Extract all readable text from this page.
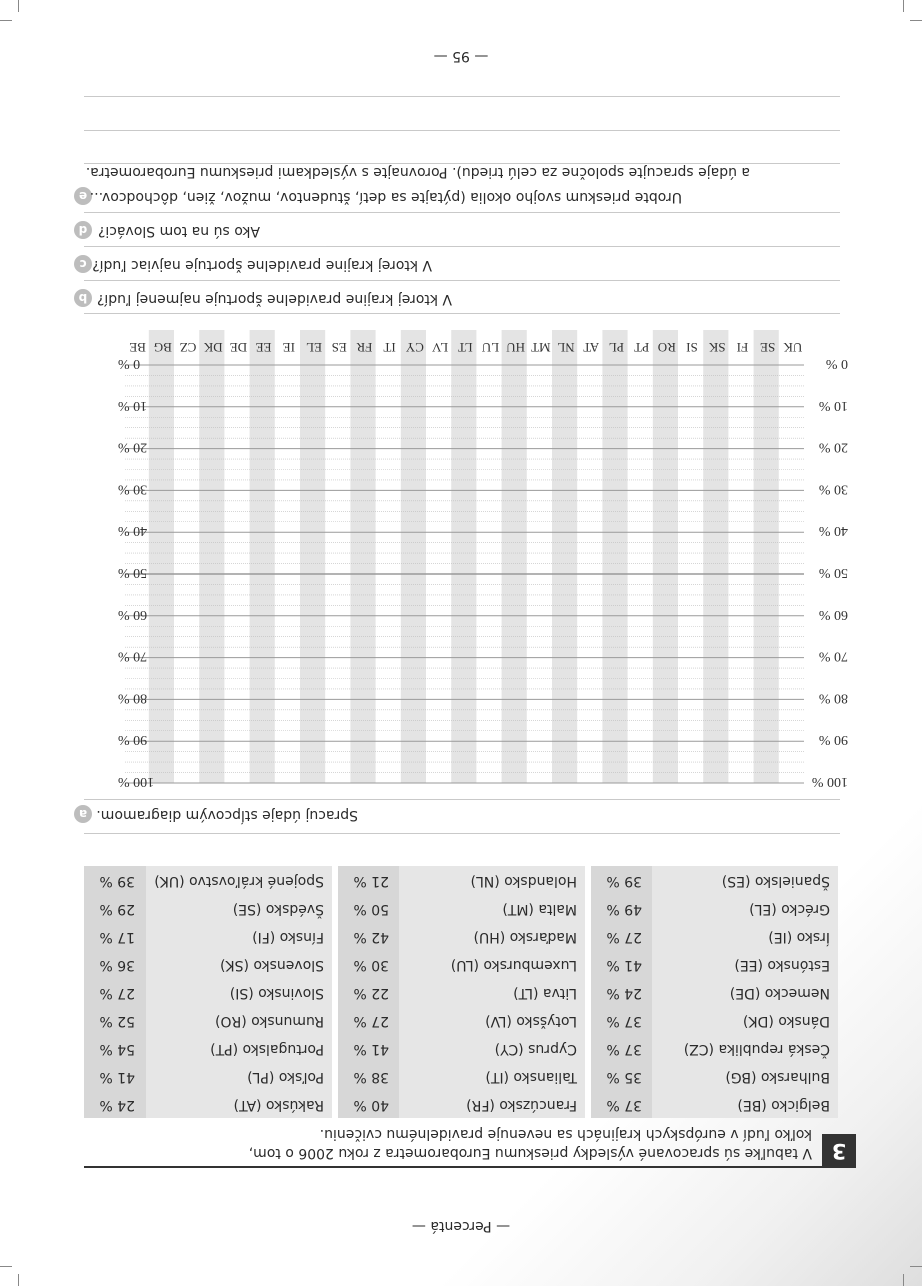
— 95 —
— Percentá —
3
V tabuľke sú spracované výsledky prieskumu Eurobarometra z roku 2006 o tom,
koľko ľudí v európskych krajinách sa nevenuje pravidelnému cvičeniu.
Belgicko (BE)
37 %
Bulharsko (BG)
35 %
Česká republika (CZ)
37 %
Dánsko (DK)
37 %
Nemecko (DE)
24 %
Estónsko (EE)
41 %
Írsko (IE)
27 %
Grécko (EL)
49 %
Španielsko (ES)
39 %
Francúzsko (FR)
40 %
Taliansko (IT)
38 %
Cyprus (CY)
41 %
Lotyšsko (LV)
27 %
Litva (LT)
22 %
Luxembursko (LU)
30 %
Maďarsko (HU)
42 %
Malta (MT)
50 %
Holandsko (NL)
21 %
Rakúsko (AT)
24 %
Poľsko (PL)
41 %
Portugalsko (PT)
54 %
Rumunsko (RO)
52 %
Slovinsko (SI)
27 %
Slovensko (SK)
36 %
Fínsko (FI)
17 %
Švédsko (SE)
29 %
Spojené kráľovstvo (UK)
39 %
a Spracuj údaje stĺpcovým diagramom.
0 %
0 %
10 %
10 %
20 %
20 %
30 %
30 %
40 %
40 %
50 %
50 %
60 %
60 %
70 %
70 %
80 %
80 %
90 %
90 %
100 %
100 %
BE BG CZ DK DE EE IE EL ES FR IT CY LV LT LU HU MT NL AT PL PT RO SI SK FI SE UK
b V ktorej krajine pravidelne športuje najmenej ľudí?
c V ktorej krajine pravidelne športuje najviac ľudí?
d Ako sú na tom Slováci?
e Urobte prieskum svojho okolia (pýtajte sa detí, študentov, mužov, žien, dôchodcov...
a údaje spracujte spoločne za celú triedu). Porovnajte s výsledkami prieskumu Eurobarometra.
